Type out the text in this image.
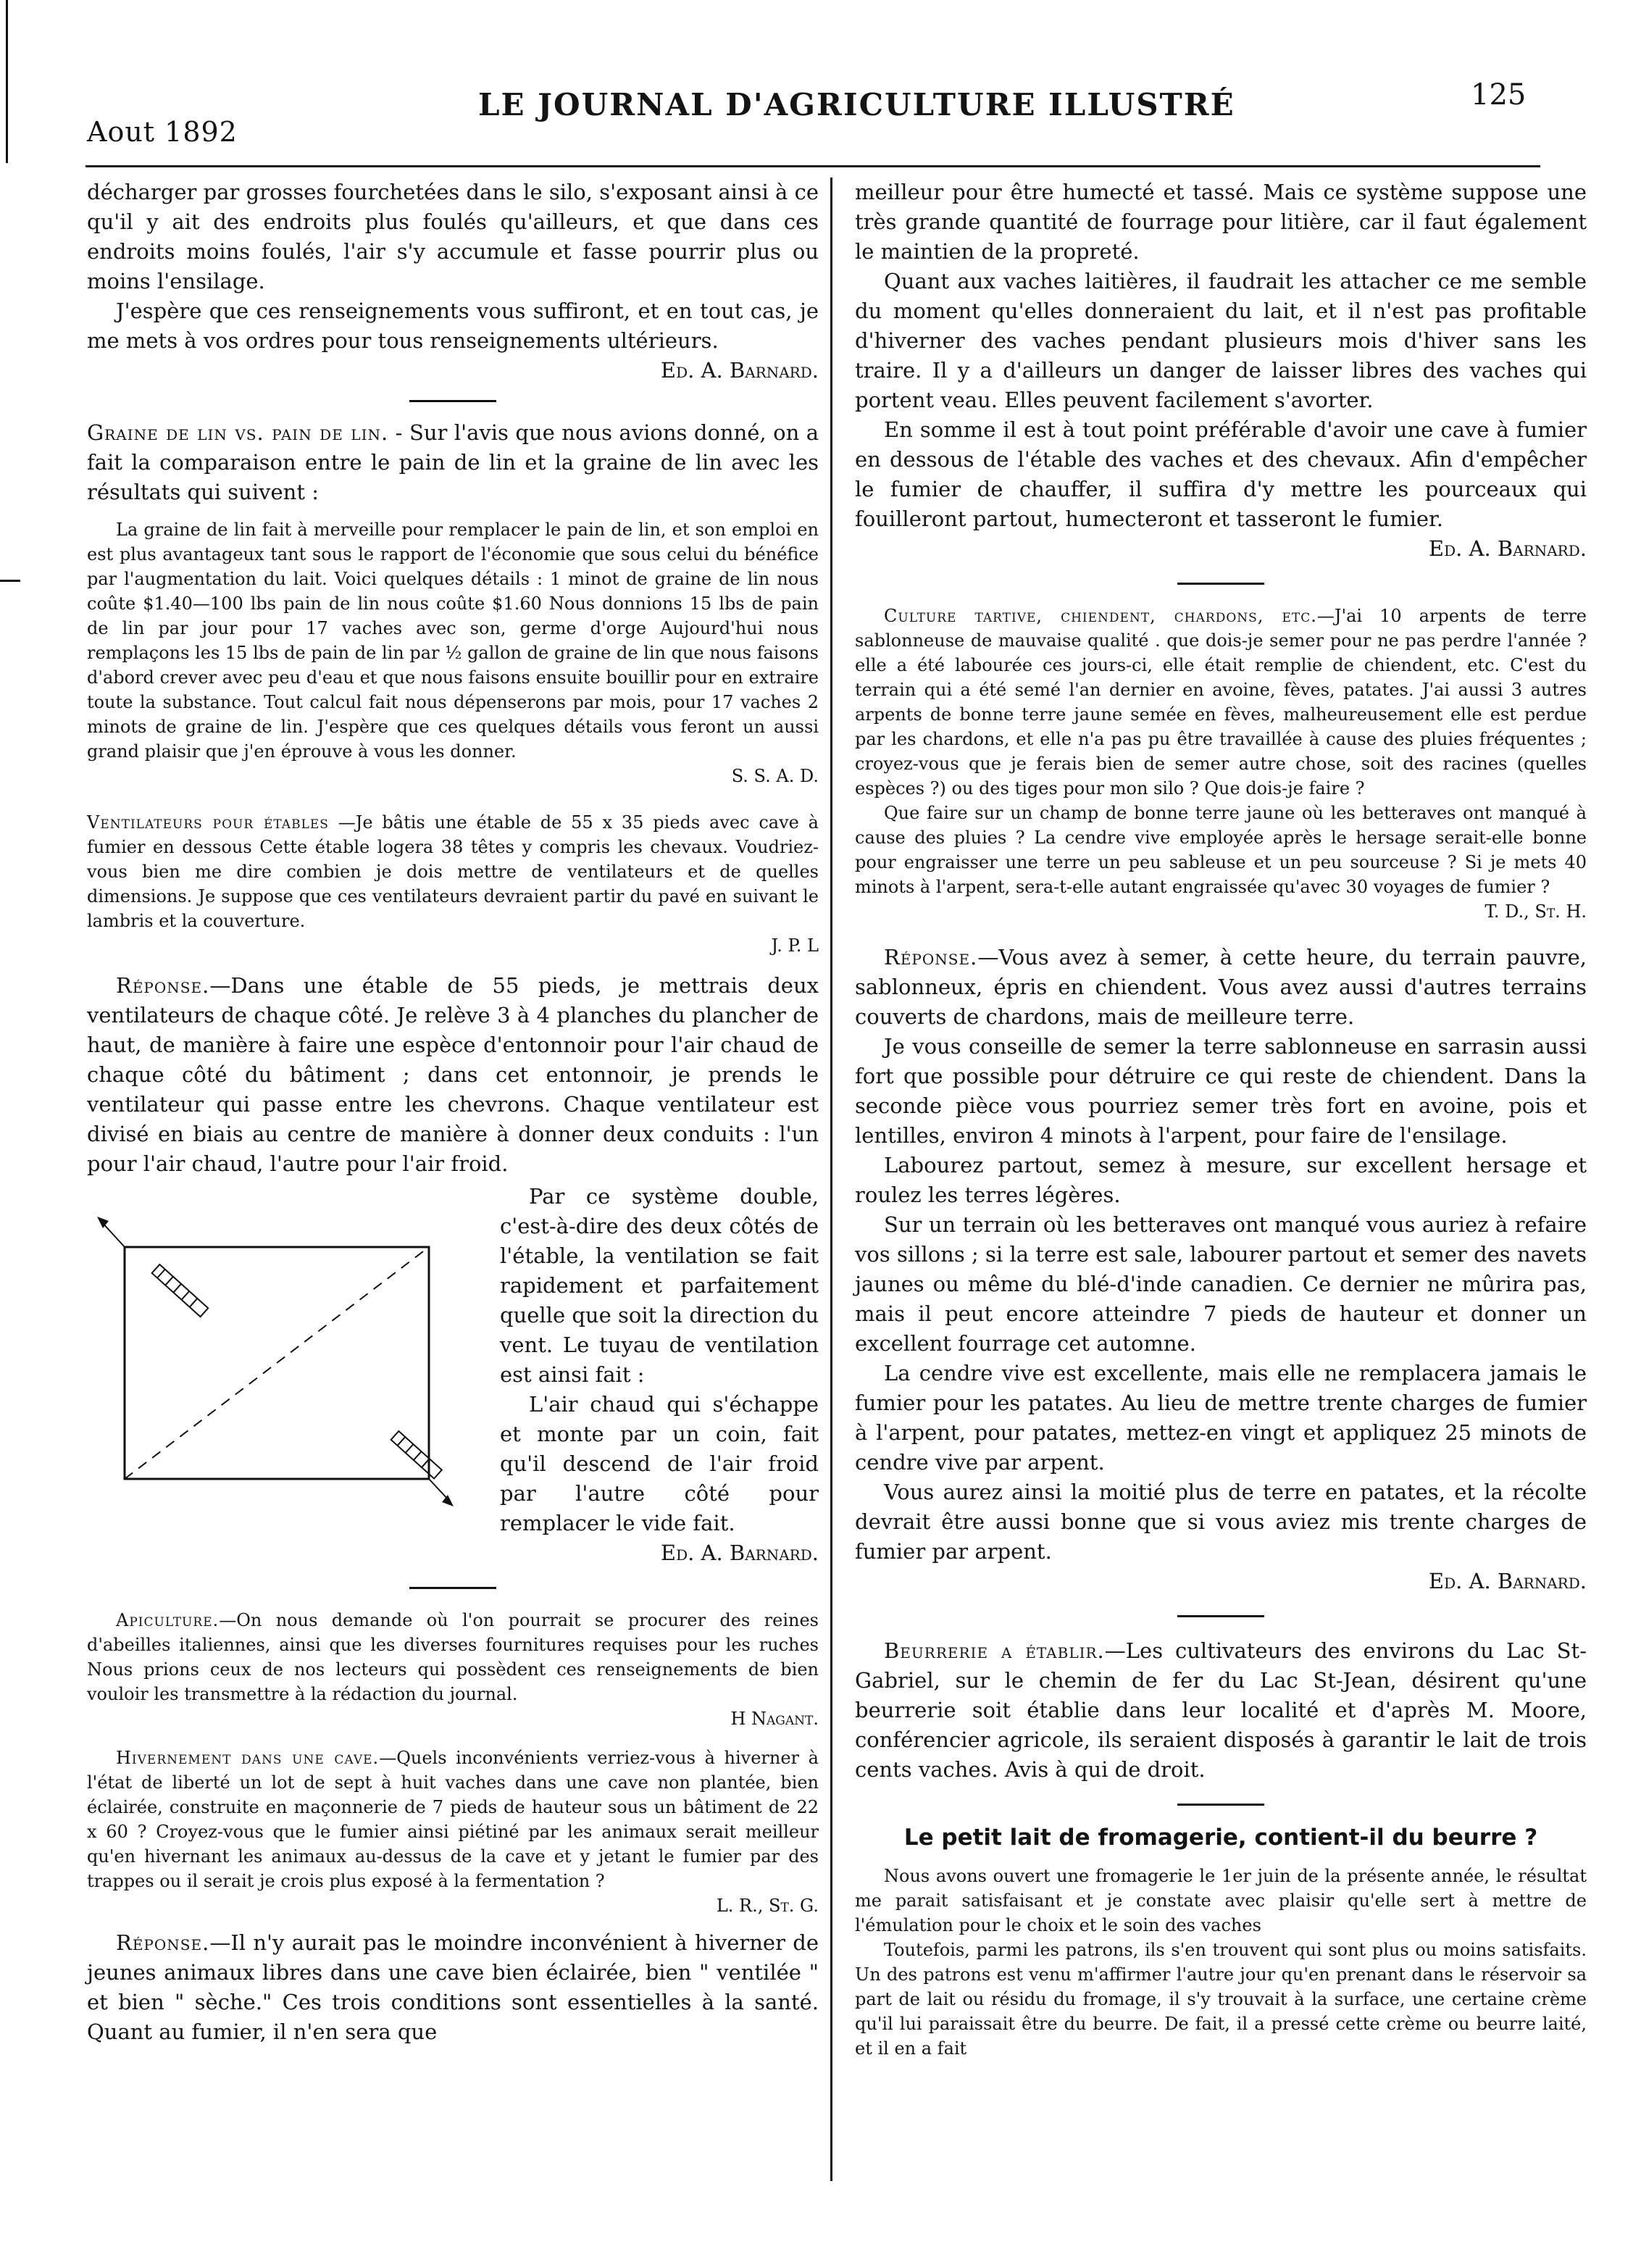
Aout 1892
LE JOURNAL D'AGRICULTURE ILLUSTRÉ	125

décharger par grosses fourchetées dans le silo, s'exposant ainsi à ce qu'il y ait des endroits plus foulés qu'ailleurs, et que dans ces endroits moins foulés, l'air s'y accumule et fasse pourrir plus ou moins l'ensilage.

J'espère que ces renseignements vous suffiront, et en tout cas, je me mets à vos ordres pour tous renseignements ultérieurs.

Ed. A. Barnard.

Graine de lin vs. pain de lin. - Sur l'avis que nous avions donné, on a fait la comparaison entre le pain de lin et la graine de lin avec les résultats qui suivent :

La graine de lin fait à merveille pour remplacer le pain de lin, et son emploi en est plus avantageux tant sous le rapport de l'économie que sous celui du bénéfice par l'augmentation du lait. Voici quelques détails : 1 minot de graine de lin nous coûte $1.40—100 lbs pain de lin nous coûte $1.60 Nous donnions 15 lbs de pain de lin par jour pour 17 vaches avec son, germe d'orge Aujourd'hui nous remplaçons les 15 lbs de pain de lin par ½ gallon de graine de lin que nous faisons d'abord crever avec peu d'eau et que nous faisons ensuite bouillir pour en extraire toute la substance. Tout calcul fait nous dépenserons par mois, pour 17 vaches 2 minots de graine de lin. J'espère que ces quelques détails vous feront un aussi grand plaisir que j'en éprouve à vous les donner.

S. S. A. D.

Ventilateurs pour étables —Je bâtis une étable de 55 x 35 pieds avec cave à fumier en dessous Cette étable logera 38 têtes y compris les chevaux. Voudriez-vous bien me dire combien je dois mettre de ventilateurs et de quelles dimensions. Je suppose que ces ventilateurs devraient partir du pavé en suivant le lambris et la couverture.

J. P. L

Réponse.—Dans une étable de 55 pieds, je mettrais deux ventilateurs de chaque côté. Je relève 3 à 4 planches du plancher de haut, de manière à faire une espèce d'entonnoir pour l'air chaud de chaque côté du bâtiment ; dans cet entonnoir, je prends le ventilateur qui passe entre les chevrons. Chaque ventilateur est divisé en biais au centre de manière à donner deux conduits : l'un pour l'air chaud, l'autre pour l'air froid.

Par ce système double, c'est-à-dire des deux côtés de l'étable, la ventilation se fait rapidement et parfaitement quelle que soit la direction du vent. Le tuyau de ventilation est ainsi fait :

L'air chaud qui s'échappe et monte par un coin, fait qu'il descend de l'air froid par l'autre côté pour remplacer le vide fait.

Ed. A. Barnard.

Apiculture.—On nous demande où l'on pourrait se procurer des reines d'abeilles italiennes, ainsi que les diverses fournitures requises pour les ruches Nous prions ceux de nos lecteurs qui possèdent ces renseignements de bien vouloir les transmettre à la rédaction du journal.

H Nagant.

Hivernement dans une cave.—Quels inconvénients verriez-vous à hiverner à l'état de liberté un lot de sept à huit vaches dans une cave non plantée, bien éclairée, construite en maçonnerie de 7 pieds de hauteur sous un bâtiment de 22 x 60 ? Croyez-vous que le fumier ainsi piétiné par les animaux serait meilleur qu'en hivernant les animaux au-dessus de la cave et y jetant le fumier par des trappes ou il serait je crois plus exposé à la fermentation ?

L. R., St. G.

Réponse.—Il n'y aurait pas le moindre inconvénient à hiverner de jeunes animaux libres dans une cave bien éclairée, bien " ventilée " et bien " sèche." Ces trois conditions sont essentielles à la santé. Quant au fumier, il n'en sera que

meilleur pour être humecté et tassé. Mais ce système suppose une très grande quantité de fourrage pour litière, car il faut également le maintien de la propreté.

Quant aux vaches laitières, il faudrait les attacher ce me semble du moment qu'elles donneraient du lait, et il n'est pas profitable d'hiverner des vaches pendant plusieurs mois d'hiver sans les traire. Il y a d'ailleurs un danger de laisser libres des vaches qui portent veau. Elles peuvent facilement s'avorter.

En somme il est à tout point préférable d'avoir une cave à fumier en dessous de l'étable des vaches et des chevaux. Afin d'empêcher le fumier de chauffer, il suffira d'y mettre les pourceaux qui fouilleront partout, humecteront et tasseront le fumier.

Ed. A. Barnard.

Culture tartive, chiendent, chardons, etc.—J'ai 10 arpents de terre sablonneuse de mauvaise qualité . que dois-je semer pour ne pas perdre l'année ? elle a été labourée ces jours-ci, elle était remplie de chiendent, etc. C'est du terrain qui a été semé l'an dernier en avoine, fèves, patates. J'ai aussi 3 autres arpents de bonne terre jaune semée en fèves, malheureusement elle est perdue par les chardons, et elle n'a pas pu être travaillée à cause des pluies fréquentes ; croyez-vous que je ferais bien de semer autre chose, soit des racines (quelles espèces ?) ou des tiges pour mon silo ? Que dois-je faire ?

Que faire sur un champ de bonne terre jaune où les betteraves ont manqué à cause des pluies ? La cendre vive employée après le hersage serait-elle bonne pour engraisser une terre un peu sableuse et un peu sourceuse ? Si je mets 40 minots à l'arpent, sera-t-elle autant engraissée qu'avec 30 voyages de fumier ?

T. D., St. H.

Réponse.—Vous avez à semer, à cette heure, du terrain pauvre, sablonneux, épris en chiendent. Vous avez aussi d'autres terrains couverts de chardons, mais de meilleure terre.

Je vous conseille de semer la terre sablonneuse en sarrasin aussi fort que possible pour détruire ce qui reste de chiendent. Dans la seconde pièce vous pourriez semer très fort en avoine, pois et lentilles, environ 4 minots à l'arpent, pour faire de l'ensilage.

Labourez partout, semez à mesure, sur excellent hersage et roulez les terres légères.

Sur un terrain où les betteraves ont manqué vous auriez à refaire vos sillons ; si la terre est sale, labourer partout et semer des navets jaunes ou même du blé-d'inde canadien. Ce dernier ne mûrira pas, mais il peut encore atteindre 7 pieds de hauteur et donner un excellent fourrage cet automne.

La cendre vive est excellente, mais elle ne remplacera jamais le fumier pour les patates. Au lieu de mettre trente charges de fumier à l'arpent, pour patates, mettez-en vingt et appliquez 25 minots de cendre vive par arpent.

Vous aurez ainsi la moitié plus de terre en patates, et la récolte devrait être aussi bonne que si vous aviez mis trente charges de fumier par arpent.

Ed. A. Barnard.

Beurrerie a établir.—Les cultivateurs des environs du Lac St-Gabriel, sur le chemin de fer du Lac St-Jean, désirent qu'une beurrerie soit établie dans leur localité et d'après M. Moore, conférencier agricole, ils seraient disposés à garantir le lait de trois cents vaches. Avis à qui de droit.

Le petit lait de fromagerie, contient-il du beurre ?

Nous avons ouvert une fromagerie le 1er juin de la présente année, le résultat me parait satisfaisant et je constate avec plaisir qu'elle sert à mettre de l'émulation pour le choix et le soin des vaches

Toutefois, parmi les patrons, ils s'en trouvent qui sont plus ou moins satisfaits. Un des patrons est venu m'affirmer l'autre jour qu'en prenant dans le réservoir sa part de lait ou résidu du fromage, il s'y trouvait à la surface, une certaine crème qu'il lui paraissait être du beurre. De fait, il a pressé cette crème ou beurre laité, et il en a fait
